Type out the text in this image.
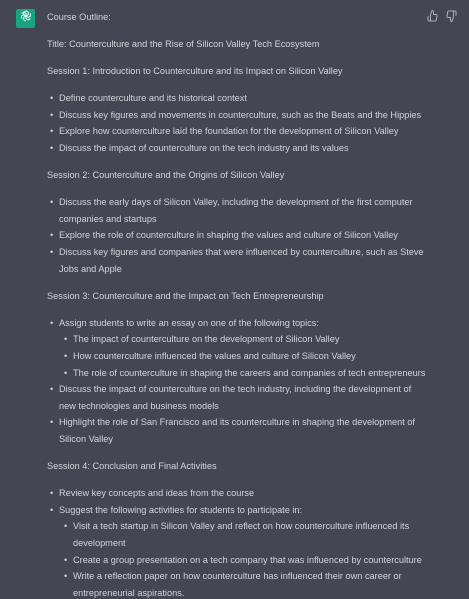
Course Outline:
Title: Counterculture and the Rise of Silicon Valley Tech Ecosystem
Session 1: Introduction to Counterculture and its Impact on Silicon Valley
• Define counterculture and its historical context
• Discuss key figures and movements in counterculture, such as the Beats and the Hippies
• Explore how counterculture laid the foundation for the development of Silicon Valley
• Discuss the impact of counterculture on the tech industry and its values
Session 2: Counterculture and the Origins of Silicon Valley
• Discuss the early days of Silicon Valley, including the development of the first computer companies and startups
• Explore the role of counterculture in shaping the values and culture of Silicon Valley
• Discuss key figures and companies that were influenced by counterculture, such as Steve Jobs and Apple
Session 3: Counterculture and the Impact on Tech Entrepreneurship
• Assign students to write an essay on one of the following topics:
• The impact of counterculture on the development of Silicon Valley
• How counterculture influenced the values and culture of Silicon Valley
• The role of counterculture in shaping the careers and companies of tech entrepreneurs
• Discuss the impact of counterculture on the tech industry, including the development of new technologies and business models
• Highlight the role of San Francisco and its counterculture in shaping the development of Silicon Valley
Session 4: Conclusion and Final Activities
• Review key concepts and ideas from the course
• Suggest the following activities for students to participate in:
• Visit a tech startup in Silicon Valley and reflect on how counterculture influenced its development
• Create a group presentation on a tech company that was influenced by counterculture
• Write a reflection paper on how counterculture has influenced their own career or entrepreneurial aspirations.
